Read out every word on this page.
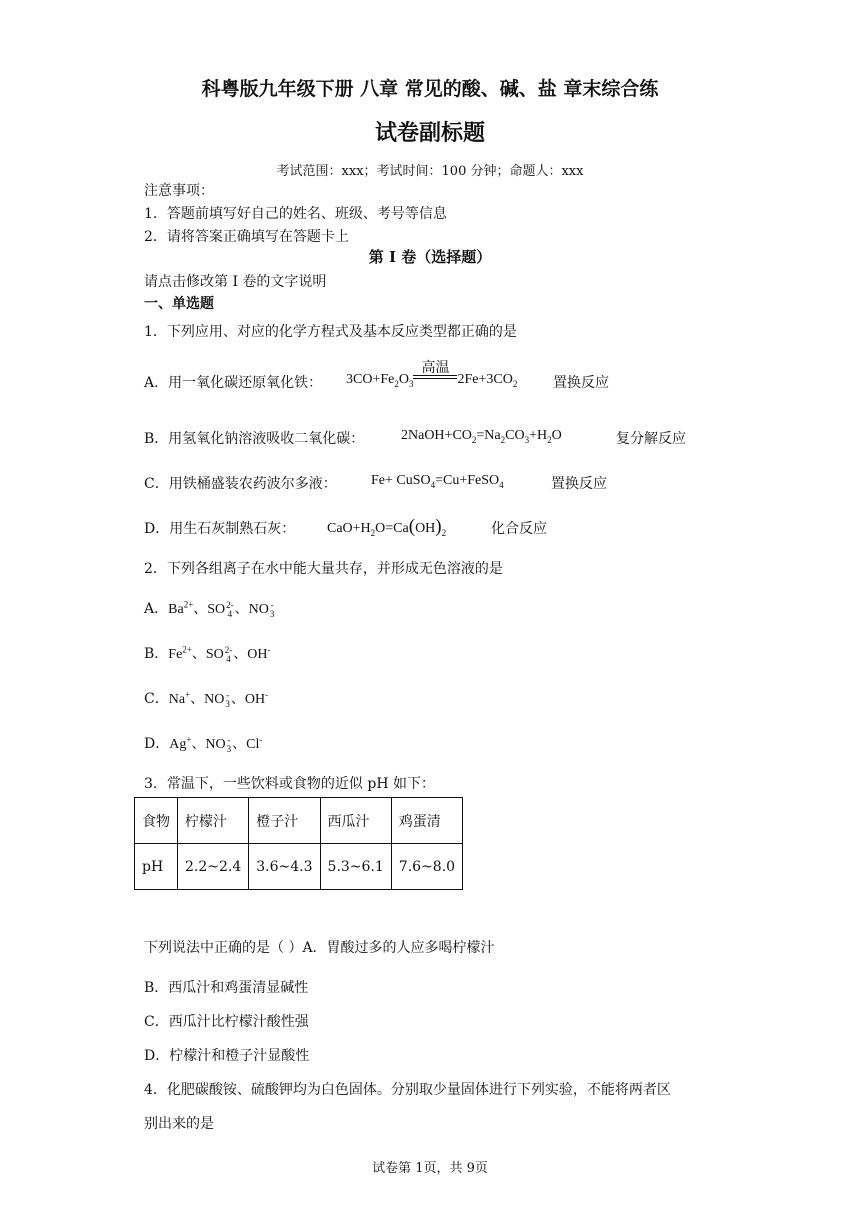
科粤版九年级下册 八章 常见的酸、碱、盐 章末综合练
试卷副标题
考试范围：xxx；考试时间：100 分钟；命题人：xxx
注意事项：
1．答题前填写好自己的姓名、班级、考号等信息
2．请将答案正确填写在答题卡上
第 I 卷（选择题）
请点击修改第 I 卷的文字说明
一、单选题
1．下列应用、对应的化学方程式及基本反应类型都正确的是
A．用一氧化碳还原氧化铁： $3CO+Fe_2O_3$
高温
$2Fe+3CO_2$	置换反应
B．用氢氧化钠溶液吸收二氧化碳：	$2NaOH+CO_2=Na_2CO_3+H_2O$	复分解反应
C．用铁桶盛装农药波尔多液： Fe+ CuSO$_4$=Cu+FeSO$_4$	置换反应
D．用生石灰制熟石灰： $CaO+H_2O=Ca(OH)_2$	化合反应
2．下列各组离子在水中能大量共存，并形成无色溶液的是
A．$Ba^{2+}$、SO 2-
4 、NO -
3
B．$Fe^{2+}$、SO 2-
4 、OH-
C．Na+、NO -
3 、OH-
D．Ag+、NO -
3 、Cl-
3．常温下，一些饮料或食物的近似 pH 如下：
食物	柠檬汁	橙子汁	西瓜汁	鸡蛋清
pH	2.2~2.4	3.6~4.3	5.3~6.1	7.6~8.0
下列说法中正确的是（ ）A．胃酸过多的人应多喝柠檬汁
B．西瓜汁和鸡蛋清显碱性
C．西瓜汁比柠檬汁酸性强
D．柠檬汁和橙子汁显酸性
4．化肥碳酸铵、硫酸钾均为白色固体。分别取少量固体进行下列实验，不能将两者区
别出来的是
试卷第 1页，共 9页
